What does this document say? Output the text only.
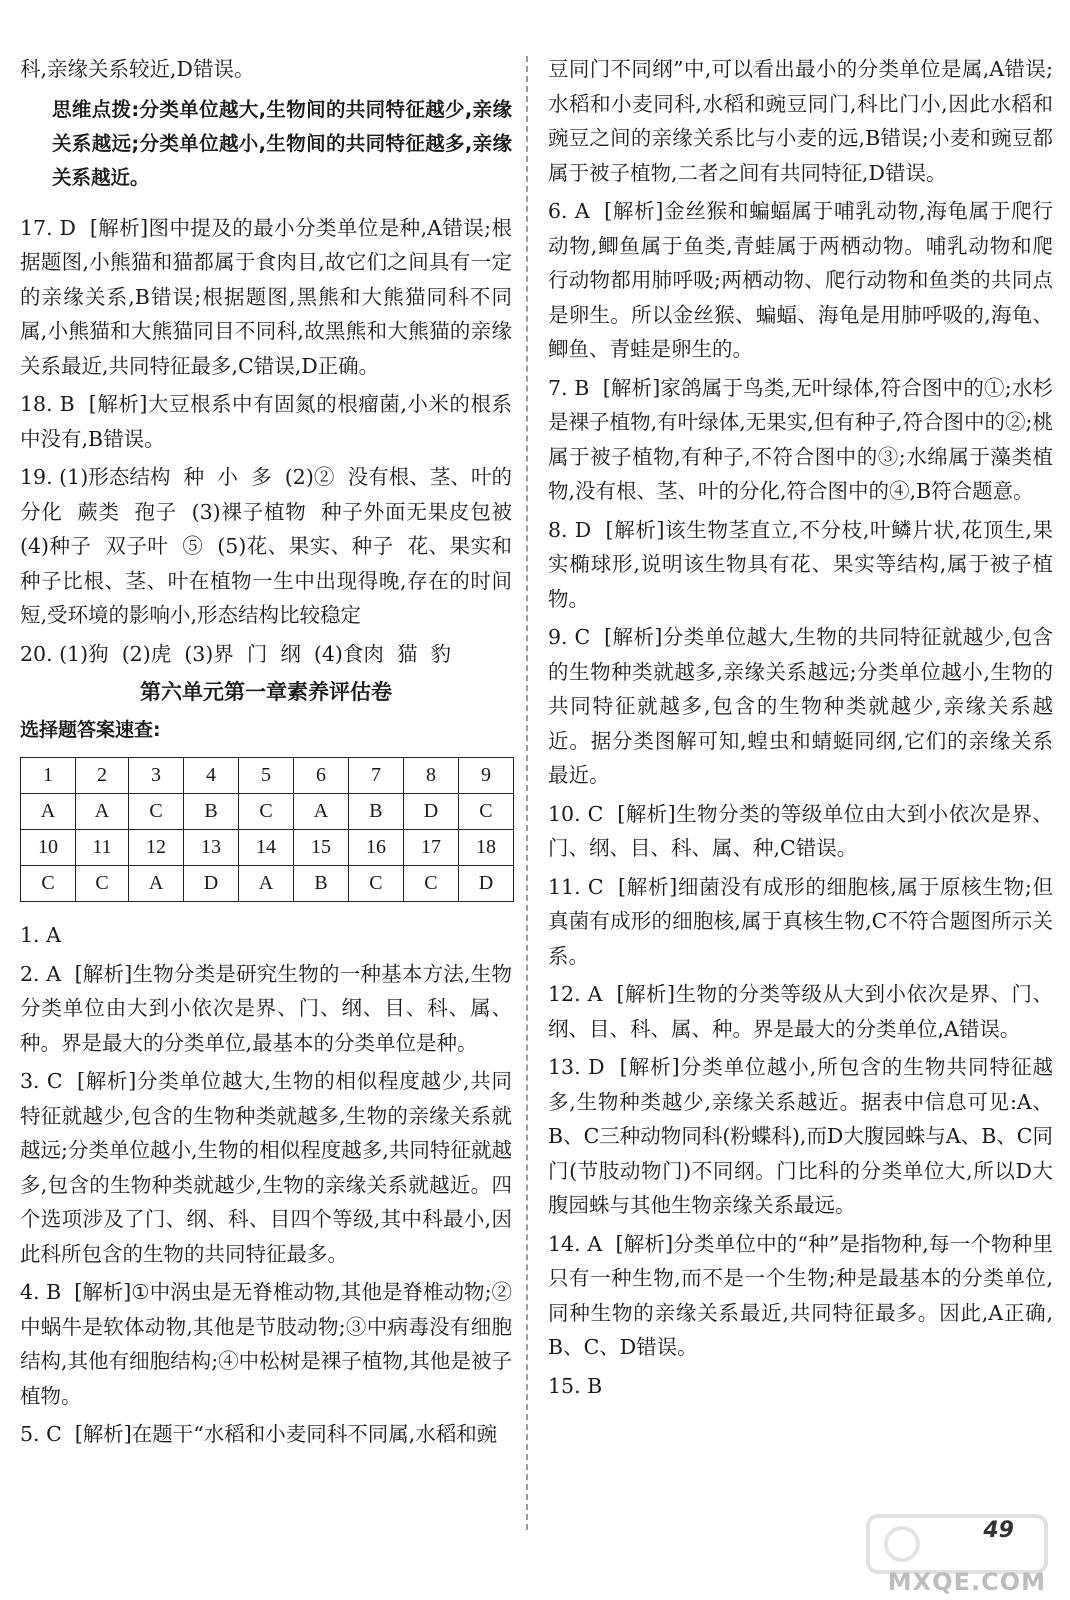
科,亲缘关系较近,D错误。

思维点拨:分类单位越大,生物间的共同特征越少,亲缘关系越远;分类单位越小,生物间的共同特征越多,亲缘关系越近。

17. D  [解析]图中提及的最小分类单位是种,A错误;根据题图,小熊猫和猫都属于食肉目,故它们之间具有一定的亲缘关系,B错误;根据题图,黑熊和大熊猫同科不同属,小熊猫和大熊猫同目不同科,故黑熊和大熊猫的亲缘关系最近,共同特征最多,C错误,D正确。

18. B  [解析]大豆根系中有固氮的根瘤菌,小米的根系中没有,B错误。

19. (1)形态结构  种  小  多  (2)②  没有根、茎、叶的分化  蕨类  孢子  (3)裸子植物  种子外面无果皮包被  (4)种子  双子叶  ⑤  (5)花、果实、种子  花、果实和种子比根、茎、叶在植物一生中出现得晚,存在的时间短,受环境的影响小,形态结构比较稳定

20. (1)狗  (2)虎  (3)界  门  纲  (4)食肉  猫  豹

第六单元第一章素养评估卷
选择题答案速查:
1	2	3	4	5	6	7	8	9
A	A	C	B	C	A	B	D	C
10	11	12	13	14	15	16	17	18
C	C	A	D	A	B	C	C	D

1. A

2. A  [解析]生物分类是研究生物的一种基本方法,生物分类单位由大到小依次是界、门、纲、目、科、属、种。界是最大的分类单位,最基本的分类单位是种。

3. C  [解析]分类单位越大,生物的相似程度越少,共同特征就越少,包含的生物种类就越多,生物的亲缘关系就越远;分类单位越小,生物的相似程度越多,共同特征就越多,包含的生物种类就越少,生物的亲缘关系就越近。四个选项涉及了门、纲、科、目四个等级,其中科最小,因此科所包含的生物的共同特征最多。

4. B  [解析]①中涡虫是无脊椎动物,其他是脊椎动物;②中蜗牛是软体动物,其他是节肢动物;③中病毒没有细胞结构,其他有细胞结构;④中松树是裸子植物,其他是被子植物。

5. C  [解析]在题干“水稻和小麦同科不同属,水稻和豌

豆同门不同纲”中,可以看出最小的分类单位是属,A错误;水稻和小麦同科,水稻和豌豆同门,科比门小,因此水稻和豌豆之间的亲缘关系比与小麦的远,B错误;小麦和豌豆都属于被子植物,二者之间有共同特征,D错误。

6. A  [解析]金丝猴和蝙蝠属于哺乳动物,海龟属于爬行动物,鲫鱼属于鱼类,青蛙属于两栖动物。哺乳动物和爬行动物都用肺呼吸;两栖动物、爬行动物和鱼类的共同点是卵生。所以金丝猴、蝙蝠、海龟是用肺呼吸的,海龟、鲫鱼、青蛙是卵生的。

7. B  [解析]家鸽属于鸟类,无叶绿体,符合图中的①;水杉是裸子植物,有叶绿体,无果实,但有种子,符合图中的②;桃属于被子植物,有种子,不符合图中的③;水绵属于藻类植物,没有根、茎、叶的分化,符合图中的④,B符合题意。

8. D  [解析]该生物茎直立,不分枝,叶鳞片状,花顶生,果实椭球形,说明该生物具有花、果实等结构,属于被子植物。

9. C  [解析]分类单位越大,生物的共同特征就越少,包含的生物种类就越多,亲缘关系越远;分类单位越小,生物的共同特征就越多,包含的生物种类就越少,亲缘关系越近。据分类图解可知,蝗虫和蜻蜓同纲,它们的亲缘关系最近。

10. C  [解析]生物分类的等级单位由大到小依次是界、门、纲、目、科、属、种,C错误。

11. C  [解析]细菌没有成形的细胞核,属于原核生物;但真菌有成形的细胞核,属于真核生物,C不符合题图所示关系。

12. A  [解析]生物的分类等级从大到小依次是界、门、纲、目、科、属、种。界是最大的分类单位,A错误。

13. D  [解析]分类单位越小,所包含的生物共同特征越多,生物种类越少,亲缘关系越近。据表中信息可见:A、B、C三种动物同科(粉蝶科),而D大腹园蛛与A、B、C同门(节肢动物门)不同纲。门比科的分类单位大,所以D大腹园蛛与其他生物亲缘关系最远。

14. A  [解析]分类单位中的“种”是指物种,每一个物种里只有一种生物,而不是一个生物;种是最基本的分类单位,同种生物的亲缘关系最近,共同特征最多。因此,A正确,B、C、D错误。

15. B

MXQE.COM
49
